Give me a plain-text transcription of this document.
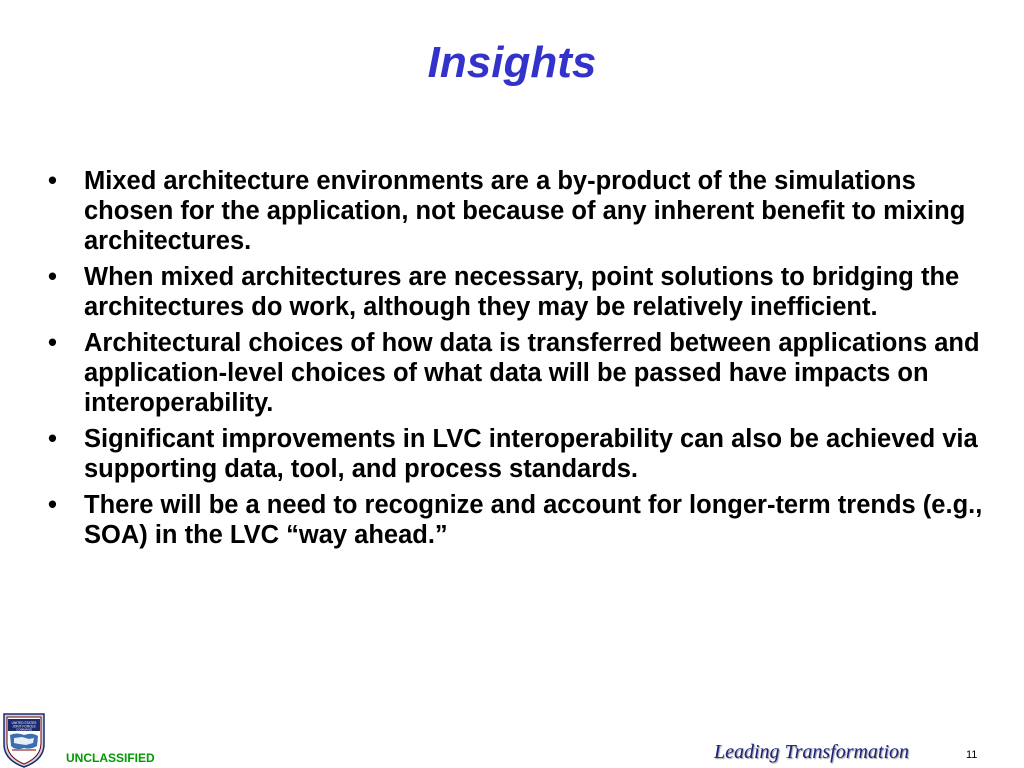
Insights
• Mixed architecture environments are a by-product of the simulations chosen for the application, not because of any inherent benefit to mixing architectures.
• When mixed architectures are necessary, point solutions to bridging the architectures do work, although they may be relatively inefficient.
• Architectural choices of how data is transferred between applications and application-level choices of what data will be passed have impacts on interoperability.
• Significant improvements in LVC interoperability can also be achieved via supporting data, tool, and process standards.
• There will be a need to recognize and account for longer-term trends (e.g., SOA) in the LVC “way ahead.”
UNITED STATES
JOINT FORCES
COMMAND
UNCLASSIFIED	Leading Transformation	11
